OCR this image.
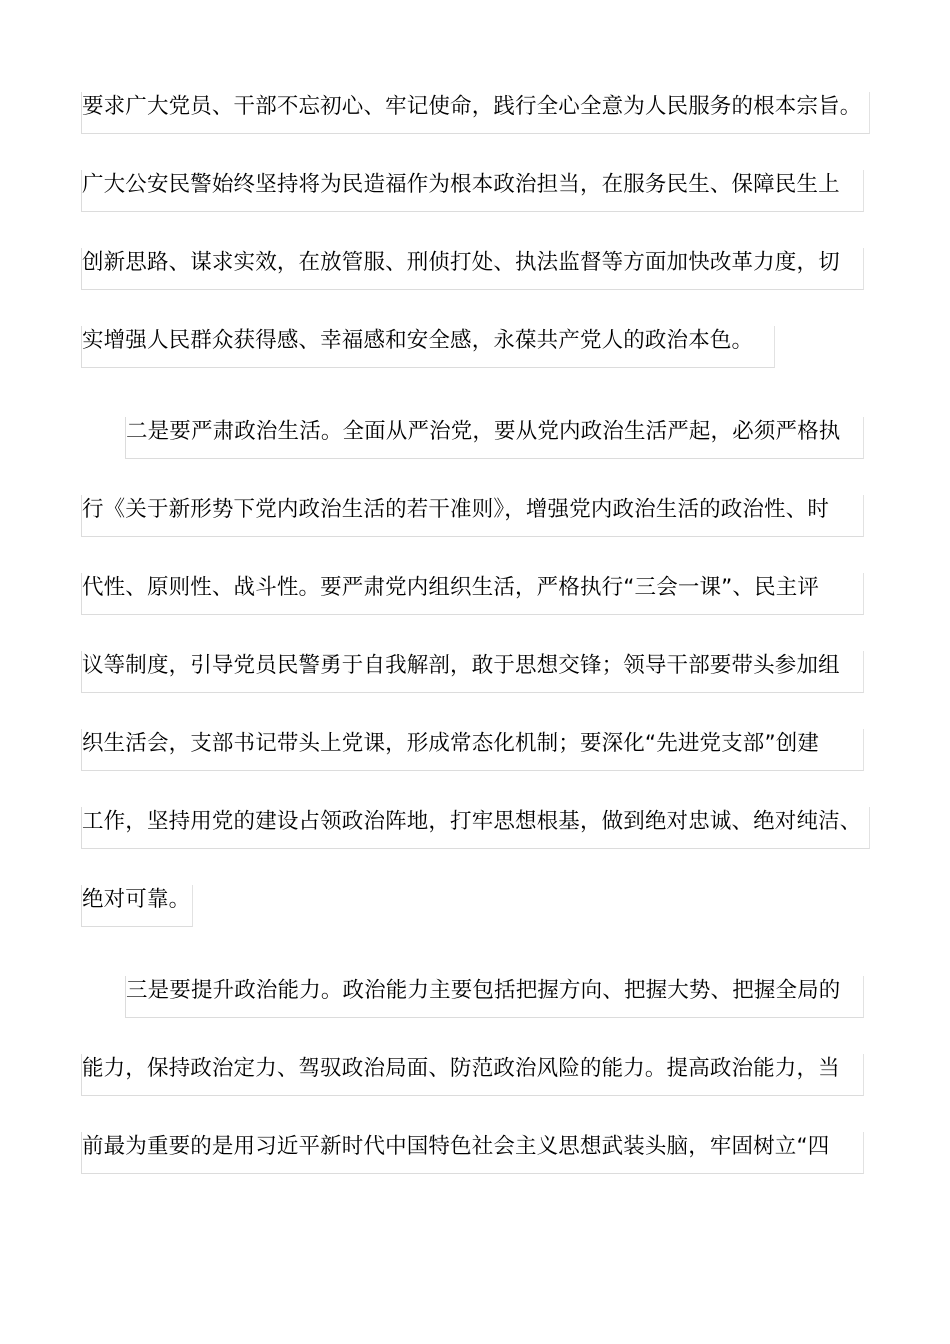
要求广大党员、干部不忘初心、牢记使命，践行全心全意为人民服务的根本宗旨。
广大公安民警始终坚持将为民造福作为根本政治担当，在服务民生、保障民生上
创新思路、谋求实效，在放管服、刑侦打处、执法监督等方面加快改革力度，切
实增强人民群众获得感、幸福感和安全感，永葆共产党人的政治本色。
二是要严肃政治生活。全面从严治党，要从党内政治生活严起，必须严格执
行《关于新形势下党内政治生活的若干准则》，增强党内政治生活的政治性、时
代性、原则性、战斗性。要严肃党内组织生活，严格执行“三会一课”、民主评
议等制度，引导党员民警勇于自我解剖，敢于思想交锋；领导干部要带头参加组
织生活会，支部书记带头上党课，形成常态化机制；要深化“先进党支部”创建
工作，坚持用党的建设占领政治阵地，打牢思想根基，做到绝对忠诚、绝对纯洁、
绝对可靠。
三是要提升政治能力。政治能力主要包括把握方向、把握大势、把握全局的
能力，保持政治定力、驾驭政治局面、防范政治风险的能力。提高政治能力，当
前最为重要的是用习近平新时代中国特色社会主义思想武装头脑，牢固树立“四
